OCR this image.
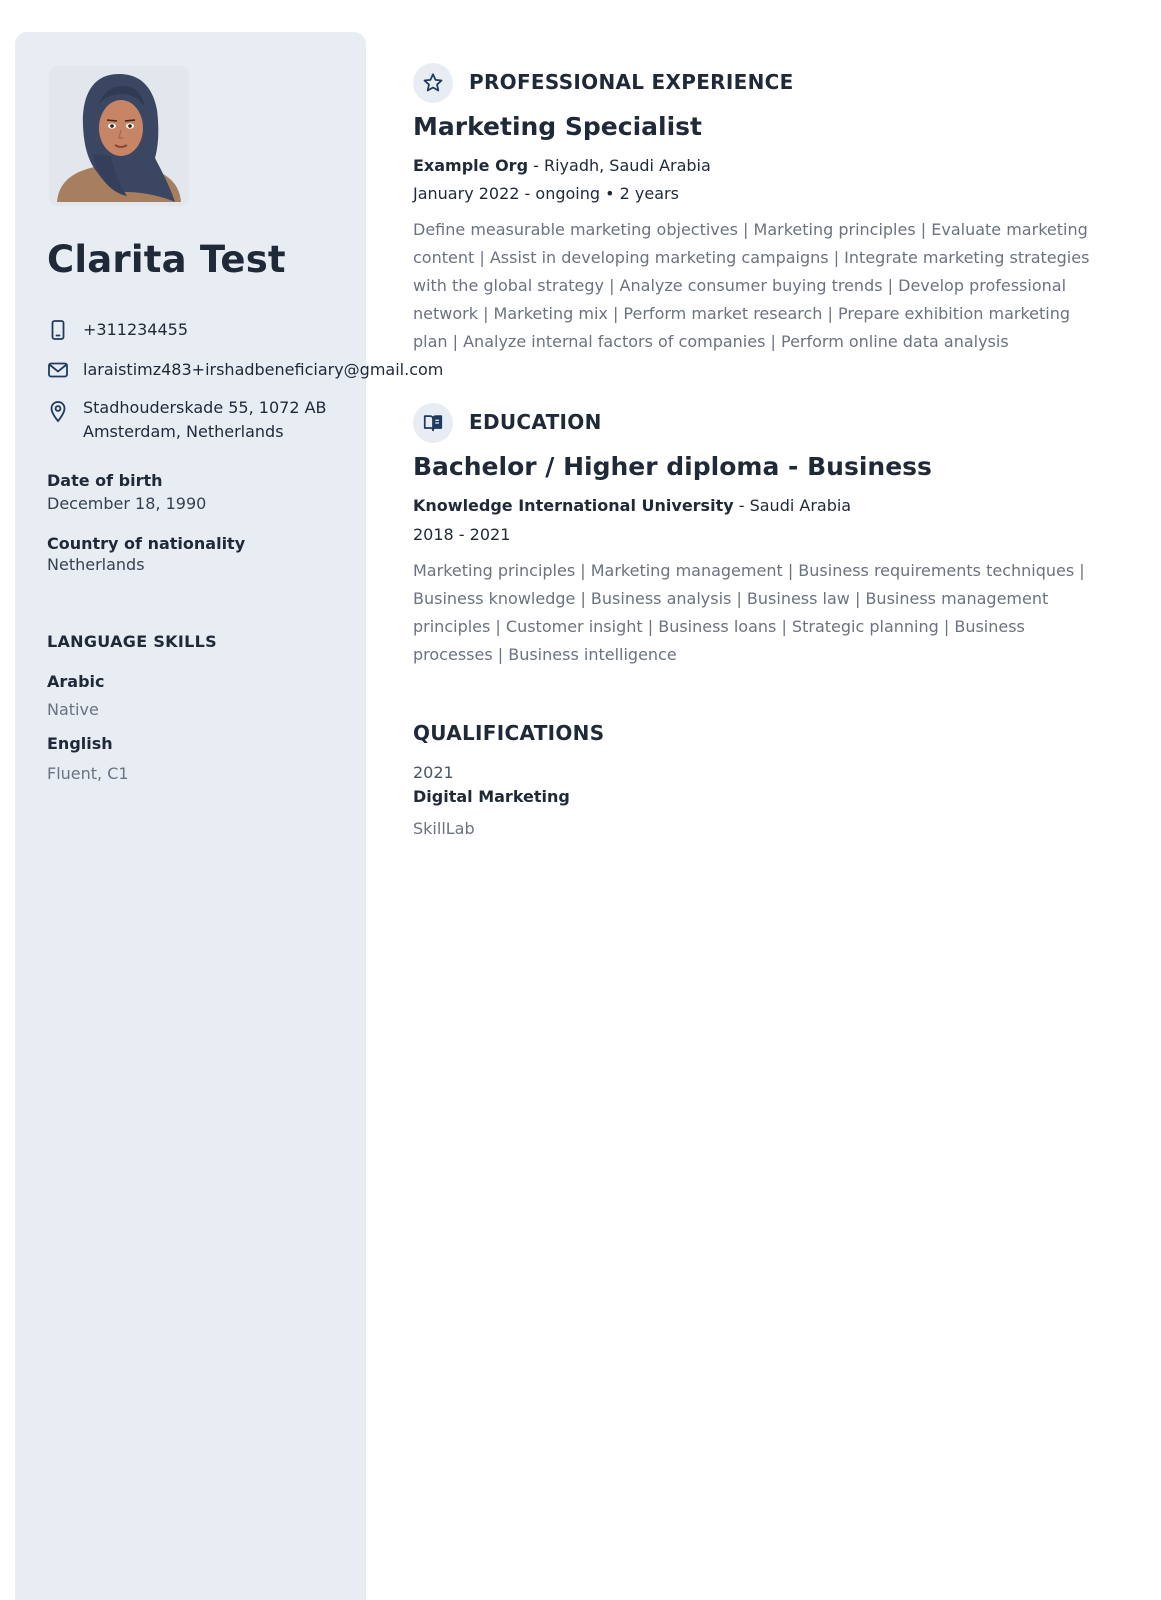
Clarita Test
+311234455
laraistimz483+irshadbeneficiary@gmail.com
Stadhouderskade 55, 1072 AB Amsterdam, Netherlands
Date of birth
December 18, 1990
Country of nationality
Netherlands
LANGUAGE SKILLS
Arabic
Native
English
Fluent, C1
PROFESSIONAL EXPERIENCE
Marketing Specialist
Example Org - Riyadh, Saudi Arabia
January 2022 - ongoing • 2 years
Define measurable marketing objectives | Marketing principles | Evaluate marketing content | Assist in developing marketing campaigns | Integrate marketing strategies with the global strategy | Analyze consumer buying trends | Develop professional network | Marketing mix | Perform market research | Prepare exhibition marketing plan | Analyze internal factors of companies | Perform online data analysis
EDUCATION
Bachelor / Higher diploma - Business
Knowledge International University - Saudi Arabia
2018 - 2021
Marketing principles | Marketing management | Business requirements techniques | Business knowledge | Business analysis | Business law | Business management principles | Customer insight | Business loans | Strategic planning | Business processes | Business intelligence
QUALIFICATIONS
2021
Digital Marketing
SkillLab
